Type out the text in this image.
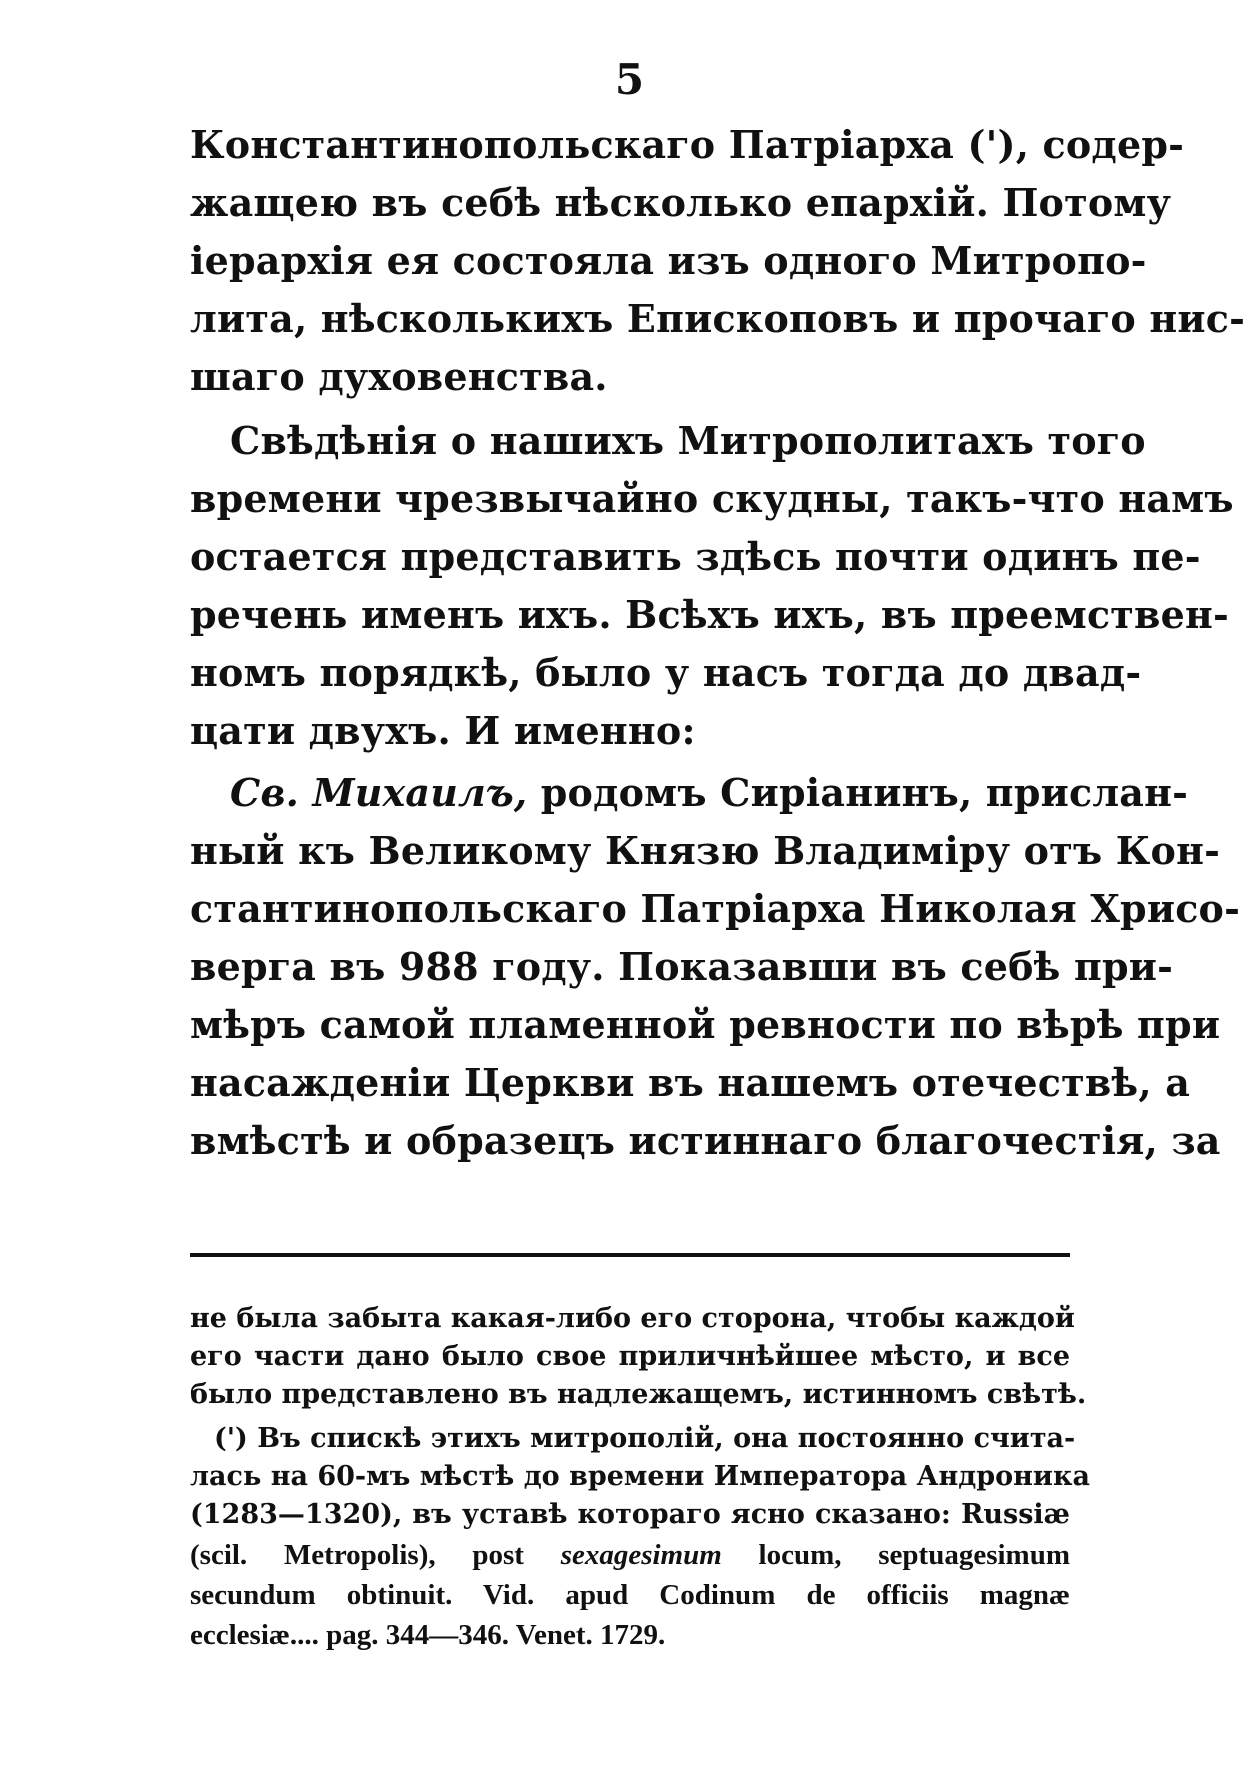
5
Константинопольскаго Патріарха ('), содер-
жащею въ себѣ нѣсколько епархій. Потому
іерархія ея состояла изъ одного Митропо-
лита, нѣсколькихъ Епископовъ и прочаго нис-
шаго духовенства.
Свѣдѣнія о нашихъ Митрополитахъ того
времени чрезвычайно скудны, такъ-что намъ
остается представить здѣсь почти одинъ пе-
речень именъ ихъ. Всѣхъ ихъ, въ преемствен-
номъ порядкѣ, было у насъ тогда до двад-
цати двухъ. И именно:
Св. Михаилъ, родомъ Сиріанинъ, прислан-
ный къ Великому Князю Владиміру отъ Кон-
стантинопольскаго Патріарха Николая Хрисо-
верга въ 988 году. Показавши въ себѣ при-
мѣръ самой пламенной ревности по вѣрѣ при
насажденіи Церкви въ нашемъ отечествѣ, а
вмѣстѣ и образецъ истиннаго благочестія, за
не была забыта какая-либо его сторона, чтобы каждой
его части дано было свое приличнѣйшее мѣсто, и все
было представлено въ надлежащемъ, истинномъ свѣтѣ.
(') Въ спискѣ этихъ митрополій, она постоянно счита-
лась на 60-мъ мѣстѣ до времени Императора Андроника
(1283—1320), въ уставѣ котораго ясно сказано: Russiæ
(scil. Metropolis), post sexagesimum locum, septuagesimum
secundum obtinuit. Vid. apud Codinum de officiis magnæ
ecclesiæ.... pag. 344—346. Venet. 1729.
